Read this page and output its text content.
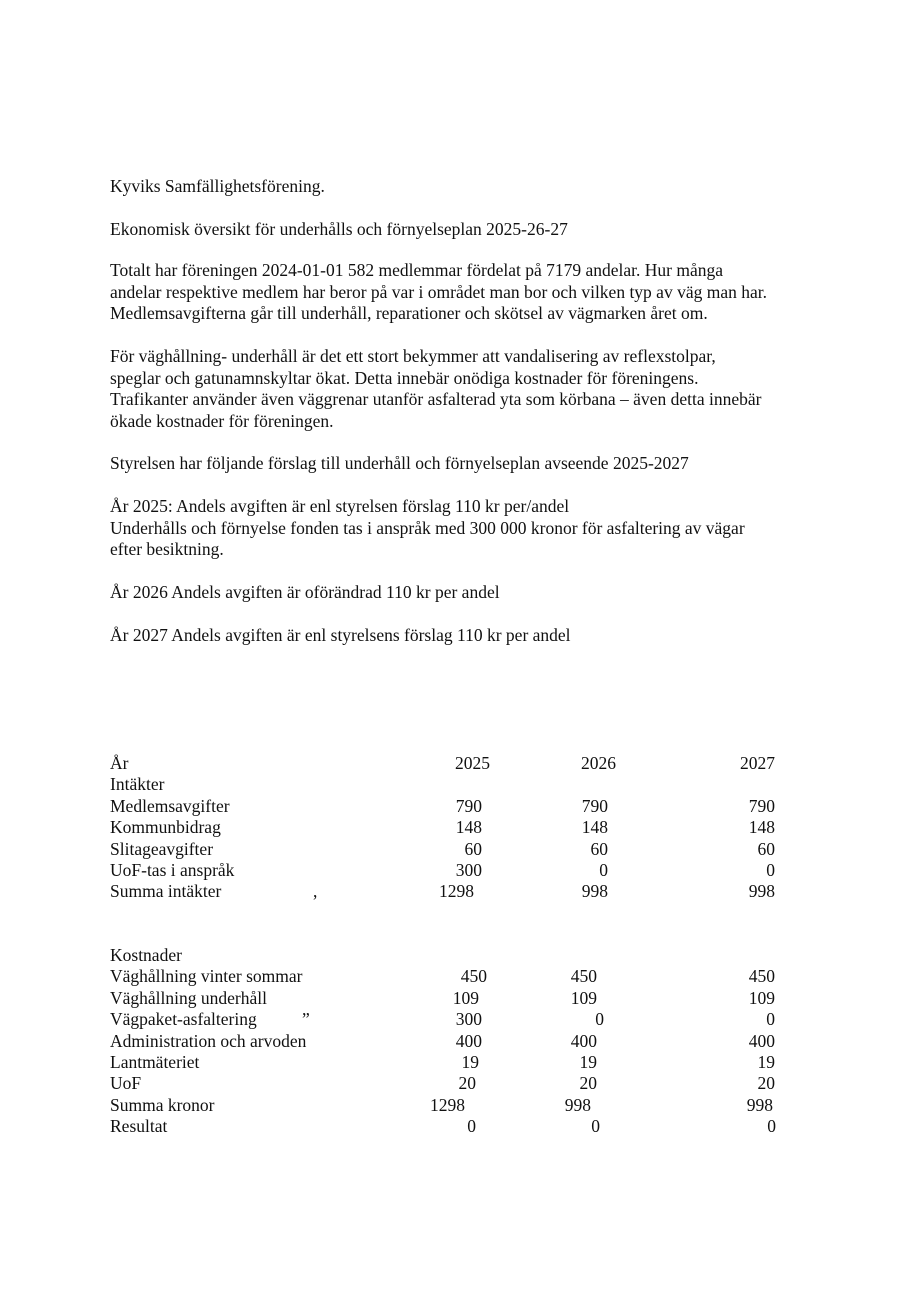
Kyviks Samfällighetsförening.

Ekonomisk översikt för underhålls och förnyelseplan 2025-26-27

Totalt har föreningen 2024-01-01 582 medlemmar fördelat på 7179 andelar. Hur många
andelar respektive medlem har beror på var i området man bor och vilken typ av väg man har.
Medlemsavgifterna går till underhåll, reparationer och skötsel av vägmarken året om.

För väghållning- underhåll är det ett stort bekymmer att vandalisering av reflexstolpar,
speglar och gatunamnskyltar ökat. Detta innebär onödiga kostnader för föreningens.
Trafikanter använder även väggrenar utanför asfalterad yta som körbana – även detta innebär
ökade kostnader för föreningen.

Styrelsen har följande förslag till underhåll och förnyelseplan avseende 2025-2027

År 2025: Andels avgiften är enl styrelsen förslag 110 kr per/andel
Underhålls och förnyelse fonden tas i anspråk med 300 000 kronor för asfaltering av vägar
efter besiktning.

År 2026 Andels avgiften är oförändrad 110 kr per andel

År 2027 Andels avgiften är enl styrelsens förslag 110 kr per andel

År	2025	2026	2027
Intäkter
Medlemsavgifter	790	790	790
Kommunbidrag	148	148	148
Slitageavgifter	60	60	60
UoF-tas i anspråk	300	0	0
Summa intäkter	,	1298	998	998
Kostnader
Väghållning vinter sommar	450	450	450
Väghållning underhåll	109	109	109
Vägpaket-asfaltering	”	300	0	0
Administration och arvoden	400	400	400
Lantmäteriet	19	19	19
UoF	20	20	20
Summa kronor	1298	998	998
Resultat	0	0	0
